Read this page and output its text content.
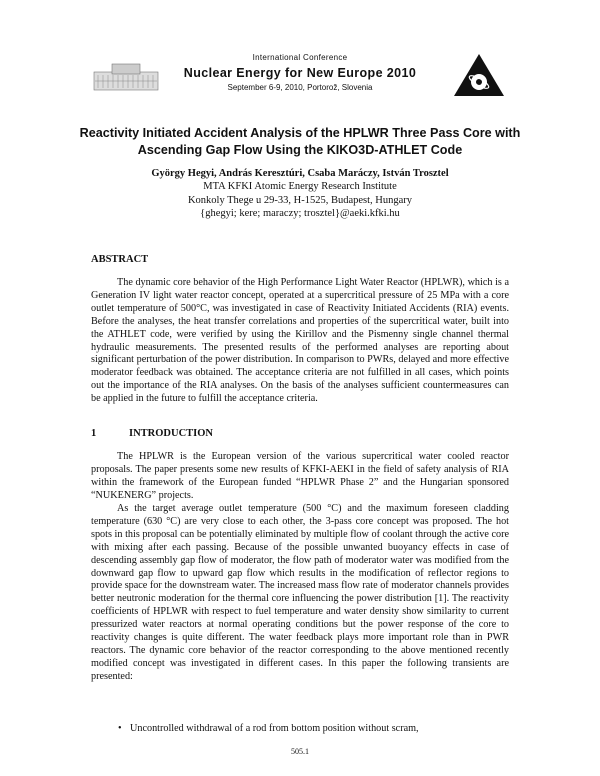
International Conference
Nuclear Energy for New Europe 2010
September 6-9, 2010, Portorož, Slovenia
Reactivity Initiated Accident Analysis of the HPLWR Three Pass Core with Ascending Gap Flow Using the KIKO3D-ATHLET Code
György Hegyi, András Keresztúri, Csaba Maráczy, István Trosztel
MTA KFKI Atomic Energy Research Institute
Konkoly Thege u 29-33, H-1525, Budapest, Hungary
{ghegyi; kere; maraczy; trosztel}@aeki.kfki.hu
ABSTRACT

The dynamic core behavior of the High Performance Light Water Reactor (HPLWR), which is a Generation IV light water reactor concept, operated at a supercritical pressure of 25 MPa with a core outlet temperature of 500°C, was investigated in case of Reactivity Initiated Accidents (RIA) events. Before the analyses, the heat transfer correlations and properties of the supercritical water, built into the ATHLET code, were verified by using the Kirillov and the Pismenny single channel thermal hydraulic measurements. The presented results of the performed analyses are reporting about significant perturbation of the power distribution. In comparison to PWRs, delayed and more effective moderator feedback was obtained. The acceptance criteria are not fulfilled in all cases, which points out the importance of the RIA analyses. On the basis of the analyses sufficient countermeasures can be applied in the future to fulfill the acceptance criteria.

1	INTRODUCTION

The HPLWR is the European version of the various supercritical water cooled reactor proposals. The paper presents some new results of KFKI-AEKI in the field of safety analysis of RIA within the framework of the European funded “HPLWR Phase 2” and the Hungarian sponsored “NUKENERG” projects.

As the target average outlet temperature (500 °C) and the maximum foreseen cladding temperature (630 °C) are very close to each other, the 3-pass core concept was proposed. The hot spots in this proposal can be potentially eliminated by multiple flow of coolant through the active core with mixing after each passing. Because of the possible unwanted buoyancy effects in case of descending assembly gap flow of moderator, the flow path of moderator water was modified from the downward gap flow to upward gap flow which results in the modification of reflector regions to provide space for the downstream water. The increased mass flow rate of moderator channels provides better neutronic moderation for the thermal core influencing the power distribution [1]. The reactivity coefficients of HPLWR with respect to fuel temperature and water density show similarity to current pressurized water reactors at normal operating conditions but the power response of the core to reactivity changes is quite different. The water feedback plays more important role than in PWR reactors. The dynamic core behavior of the reactor corresponding to the above mentioned recently modified concept was investigated in different cases. In this paper the following transients are presented:

• Uncontrolled withdrawal of a rod from bottom position without scram,
505.1
